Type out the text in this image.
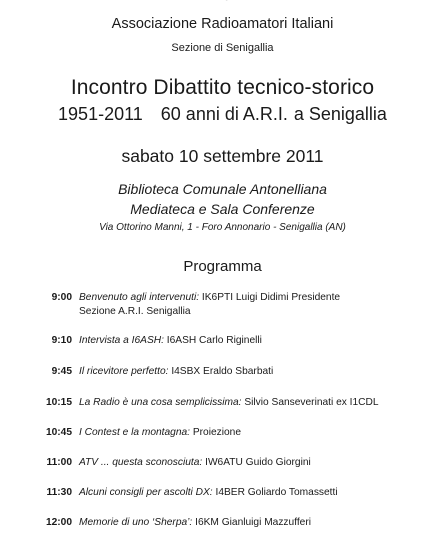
Associazione Radioamatori Italiani
Sezione di Senigallia
Incontro Dibattito tecnico-storico
1951-2011 60 anni di A.R.I. a Senigallia
sabato 10 settembre 2011
Biblioteca Comunale Antonelliana
Mediateca e Sala Conferenze
Via Ottorino Manni, 1 - Foro Annonario - Senigallia (AN)
Programma
9:00 Benvenuto agli intervenuti: IK6PTI Luigi Didimi Presidente
Sezione A.R.I. Senigallia
9:10 Intervista a I6ASH: I6ASH Carlo Riginelli
9:45 Il ricevitore perfetto: I4SBX Eraldo Sbarbati
10:15 La Radio è una cosa semplicissima: Silvio Sanseverinati ex I1CDL
10:45 I Contest e la montagna: Proiezione
11:00 ATV ... questa sconosciuta: IW6ATU Guido Giorgini
11:30 Alcuni consigli per ascolti DX: I4BER Goliardo Tomassetti
12:00 Memorie di uno ‘Sherpa’: I6KM Gianluigi Mazzufferi
